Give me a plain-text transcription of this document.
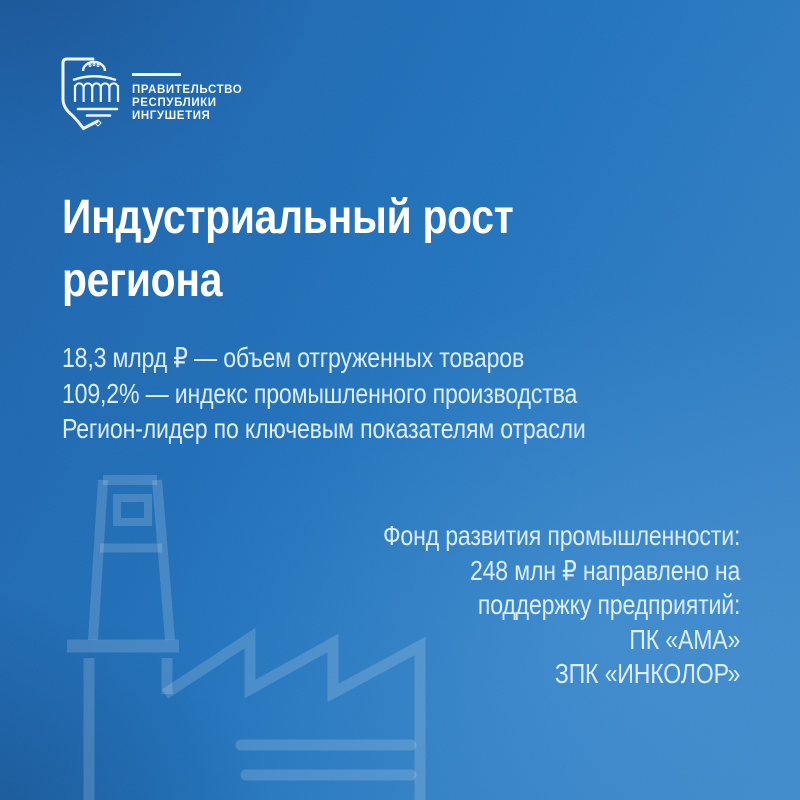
ПРАВИТЕЛЬСТВО
РЕСПУБЛИКИ
ИНГУШЕТИЯ
Индустриальный рост
региона
18,3 млрд ₽ — объем отгруженных товаров
109,2% — индекс промышленного производства
Регион-лидер по ключевым показателям отрасли
Фонд развития промышленности:
248 млн ₽ направлено на
поддержку предприятий:
ПК «АМА»
ЗПК «ИНКОЛОР»
